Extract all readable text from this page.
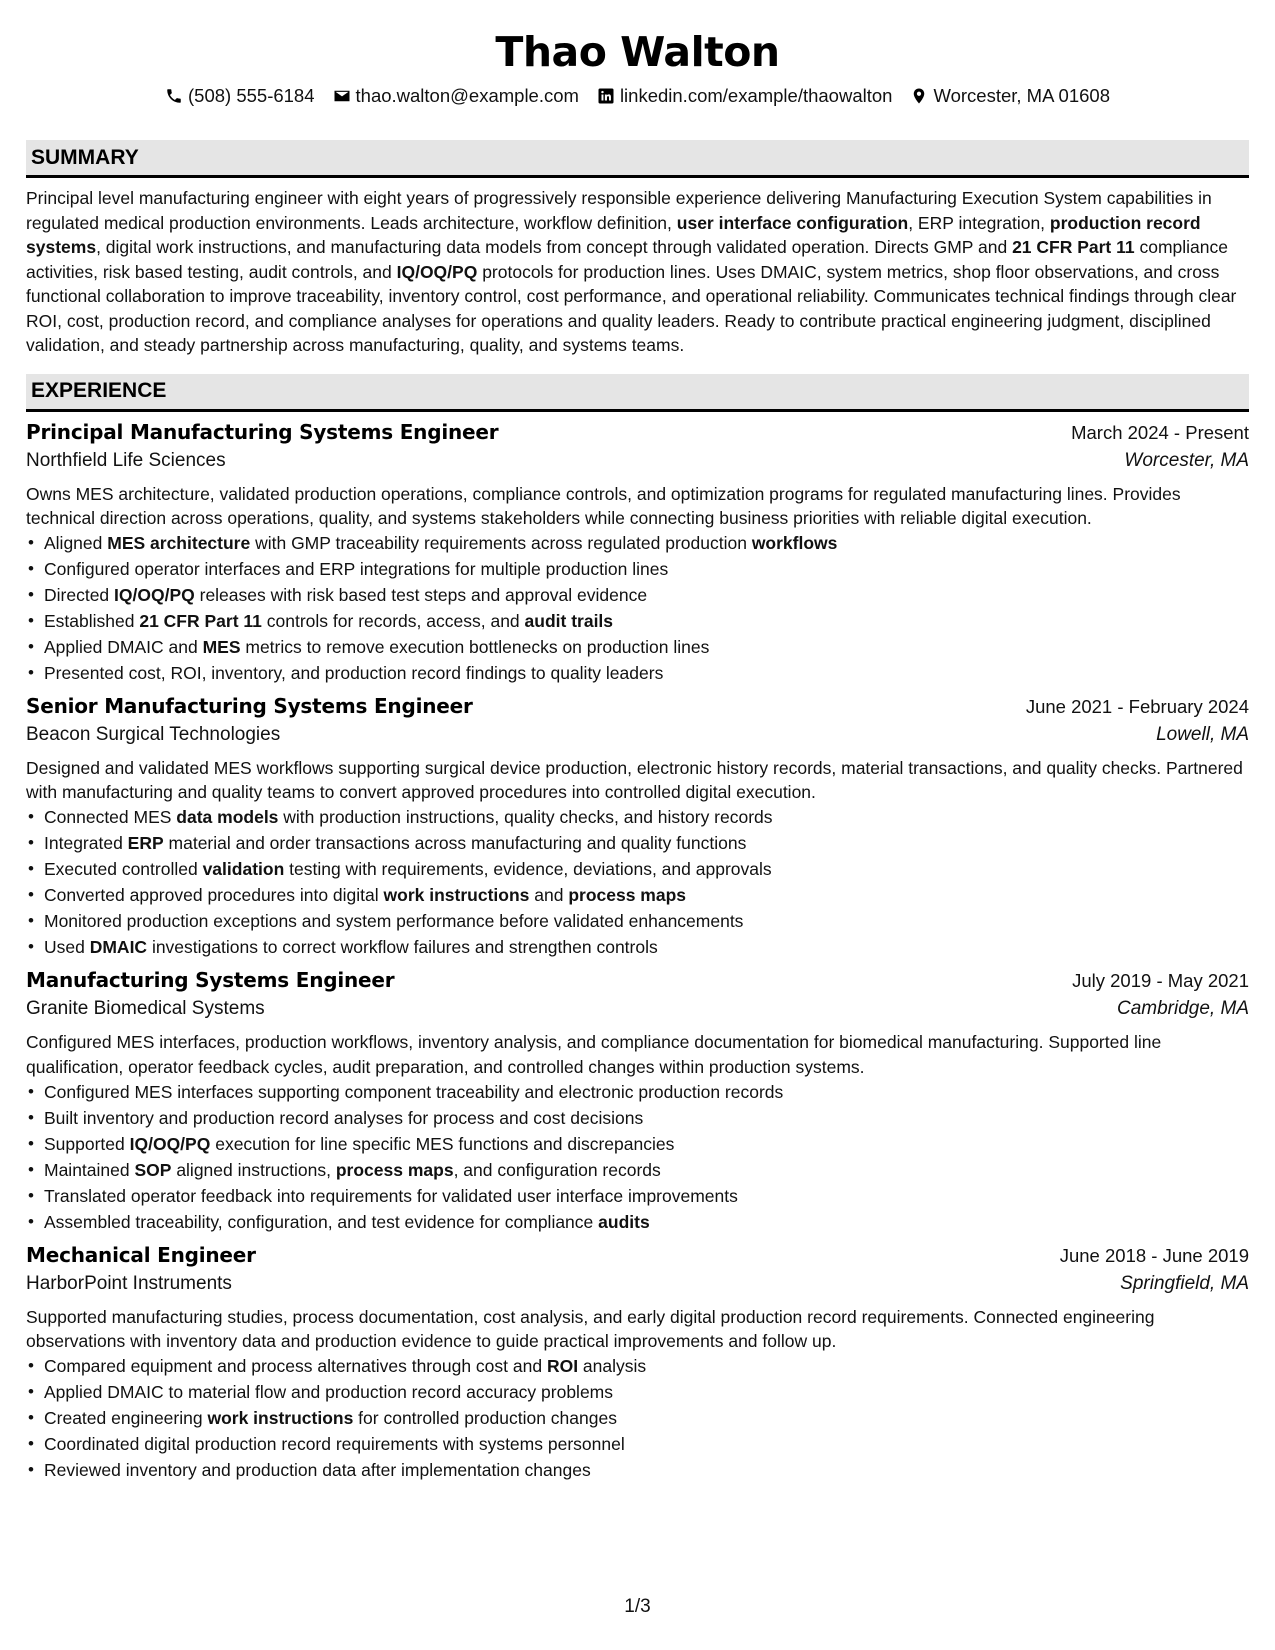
Thao Walton
(508) 555-6184 thao.walton@example.com linkedin.com/example/thaowalton Worcester, MA 01608
SUMMARY
Principal level manufacturing engineer with eight years of progressively responsible experience delivering Manufacturing Execution System capabilities in regulated medical production environments. Leads architecture, workflow definition, user interface configuration, ERP integration, production record systems, digital work instructions, and manufacturing data models from concept through validated operation. Directs GMP and 21 CFR Part 11 compliance activities, risk based testing, audit controls, and IQ/OQ/PQ protocols for production lines. Uses DMAIC, system metrics, shop floor observations, and cross functional collaboration to improve traceability, inventory control, cost performance, and operational reliability. Communicates technical findings through clear ROI, cost, production record, and compliance analyses for operations and quality leaders. Ready to contribute practical engineering judgment, disciplined validation, and steady partnership across manufacturing, quality, and systems teams.
EXPERIENCE
Principal Manufacturing Systems Engineer	March 2024 - Present
Northfield Life Sciences	Worcester, MA
Owns MES architecture, validated production operations, compliance controls, and optimization programs for regulated manufacturing lines. Provides technical direction across operations, quality, and systems stakeholders while connecting business priorities with reliable digital execution.
• Aligned MES architecture with GMP traceability requirements across regulated production workflows
• Configured operator interfaces and ERP integrations for multiple production lines
• Directed IQ/OQ/PQ releases with risk based test steps and approval evidence
• Established 21 CFR Part 11 controls for records, access, and audit trails
• Applied DMAIC and MES metrics to remove execution bottlenecks on production lines
• Presented cost, ROI, inventory, and production record findings to quality leaders
Senior Manufacturing Systems Engineer	June 2021 - February 2024
Beacon Surgical Technologies	Lowell, MA
Designed and validated MES workflows supporting surgical device production, electronic history records, material transactions, and quality checks. Partnered with manufacturing and quality teams to convert approved procedures into controlled digital execution.
• Connected MES data models with production instructions, quality checks, and history records
• Integrated ERP material and order transactions across manufacturing and quality functions
• Executed controlled validation testing with requirements, evidence, deviations, and approvals
• Converted approved procedures into digital work instructions and process maps
• Monitored production exceptions and system performance before validated enhancements
• Used DMAIC investigations to correct workflow failures and strengthen controls
Manufacturing Systems Engineer	July 2019 - May 2021
Granite Biomedical Systems	Cambridge, MA
Configured MES interfaces, production workflows, inventory analysis, and compliance documentation for biomedical manufacturing. Supported line qualification, operator feedback cycles, audit preparation, and controlled changes within production systems.
• Configured MES interfaces supporting component traceability and electronic production records
• Built inventory and production record analyses for process and cost decisions
• Supported IQ/OQ/PQ execution for line specific MES functions and discrepancies
• Maintained SOP aligned instructions, process maps, and configuration records
• Translated operator feedback into requirements for validated user interface improvements
• Assembled traceability, configuration, and test evidence for compliance audits
Mechanical Engineer	June 2018 - June 2019
HarborPoint Instruments	Springfield, MA
Supported manufacturing studies, process documentation, cost analysis, and early digital production record requirements. Connected engineering observations with inventory data and production evidence to guide practical improvements and follow up.
• Compared equipment and process alternatives through cost and ROI analysis
• Applied DMAIC to material flow and production record accuracy problems
• Created engineering work instructions for controlled production changes
• Coordinated digital production record requirements with systems personnel
• Reviewed inventory and production data after implementation changes
1/3
